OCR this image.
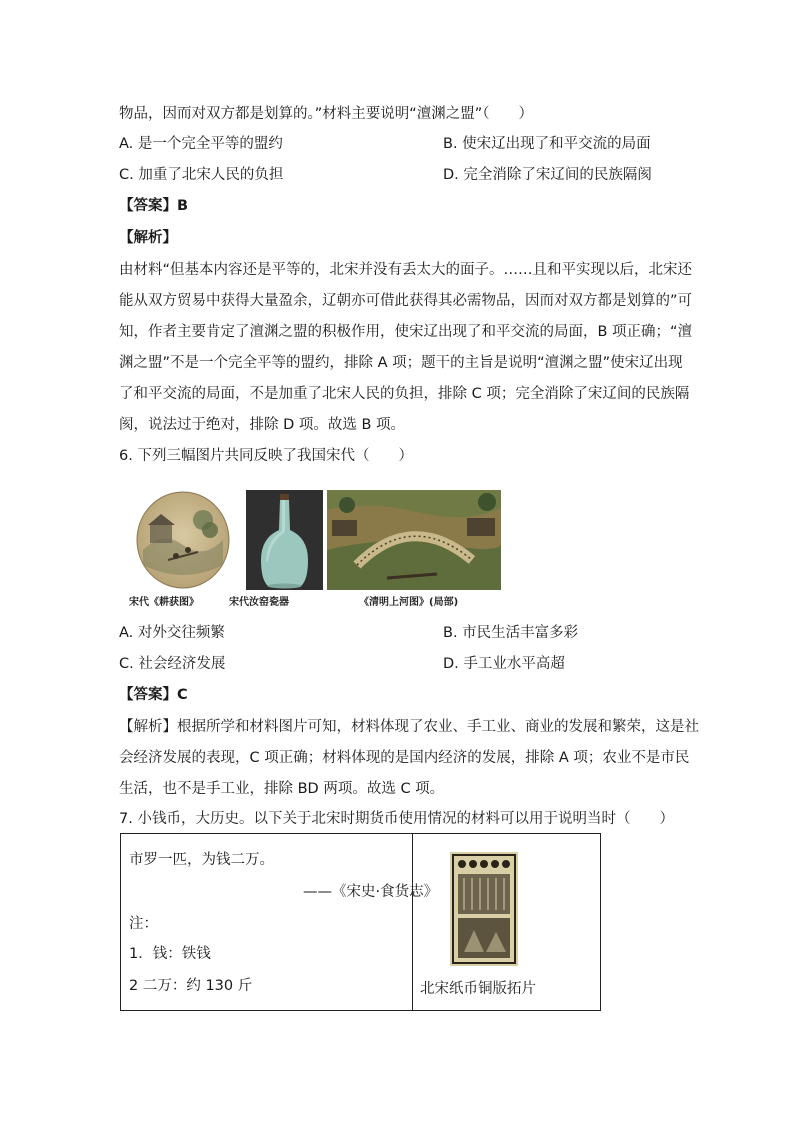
物品，因而对双方都是划算的。”材料主要说明“澶渊之盟”（　　）
A. 是一个完全平等的盟约	B. 使宋辽出现了和平交流的局面
C. 加重了北宋人民的负担	D. 完全消除了宋辽间的民族隔阂
【答案】B
【解析】
由材料“但基本内容还是平等的，北宋并没有丢太大的面子。……且和平实现以后，北宋还
能从双方贸易中获得大量盈余，辽朝亦可借此获得其必需物品，因而对双方都是划算的”可
知，作者主要肯定了澶渊之盟的积极作用，使宋辽出现了和平交流的局面，B 项正确；“澶
渊之盟”不是一个完全平等的盟约，排除 A 项；题干的主旨是说明“澶渊之盟”使宋辽出现
了和平交流的局面，不是加重了北宋人民的负担，排除 C 项；完全消除了宋辽间的民族隔
阂，说法过于绝对，排除 D 项。故选 B 项。
6. 下列三幅图片共同反映了我国宋代（　　）
宋代《耕获图》	宋代汝窑瓷器	《清明上河图》(局部)
A. 对外交往频繁	B. 市民生活丰富多彩
C. 社会经济发展	D. 手工业水平高超
【答案】C
【解析】根据所学和材料图片可知，材料体现了农业、手工业、商业的发展和繁荣，这是社
会经济发展的表现，C 项正确；材料体现的是国内经济的发展，排除 A 项；农业不是市民
生活，也不是手工业，排除 BD 两项。故选 C 项。
7. 小钱币，大历史。以下关于北宋时期货币使用情况的材料可以用于说明当时（　　）
市罗一匹，为钱二万。
——《宋史·食货志》
注：
1．钱：铁钱
2 二万：约 130 斤	北宋纸币铜版拓片
